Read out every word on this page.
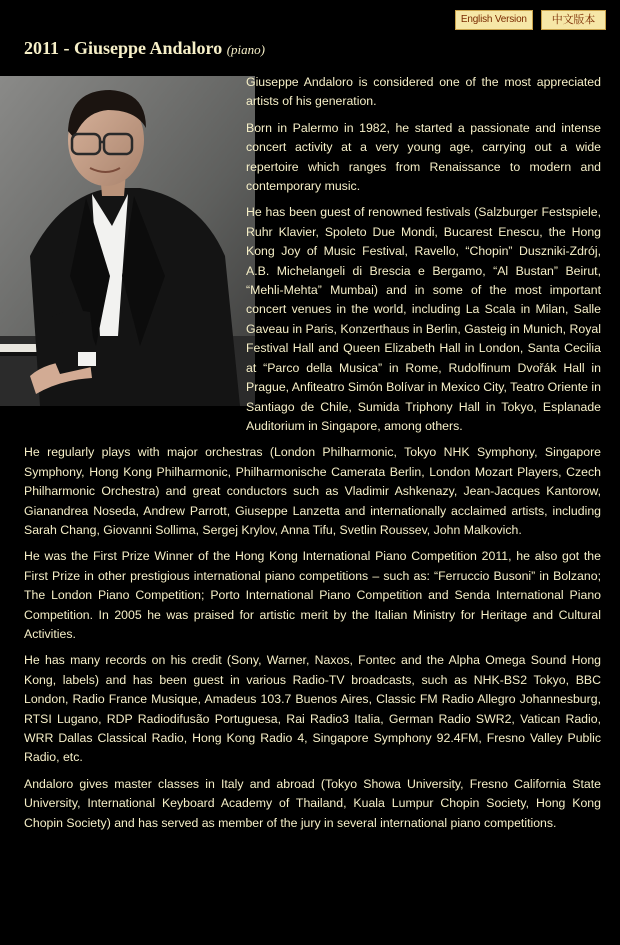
English Version	中文版本
2011 - Giuseppe Andaloro (piano)

Giuseppe Andaloro is considered one of the most appreciated artists of his generation.

Born in Palermo in 1982, he started a passionate and intense concert activity at a very young age, carrying out a wide repertoire which ranges from Renaissance to modern and contemporary music.

He has been guest of renowned festivals (Salzburger Festspiele, Ruhr Klavier, Spoleto Due Mondi, Bucarest Enescu, the Hong Kong Joy of Music Festival, Ravello, “Chopin” Duszniki-Zdrój, A.B. Michelangeli di Brescia e Bergamo, “Al Bustan” Beirut, “Mehli-Mehta” Mumbai) and in some of the most important concert venues in the world, including La Scala in Milan, Salle Gaveau in Paris, Konzerthaus in Berlin, Gasteig in Munich, Royal Festival Hall and Queen Elizabeth Hall in London, Santa Cecilia at “Parco della Musica” in Rome, Rudolfinum Dvořák Hall in Prague, Anfiteatro Simón Bolívar in Mexico City, Teatro Oriente in Santiago de Chile, Sumida Triphony Hall in Tokyo, Esplanade Auditorium in Singapore, among others.

He regularly plays with major orchestras (London Philharmonic, Tokyo NHK Symphony, Singapore Symphony, Hong Kong Philharmonic, Philharmonische Camerata Berlin, London Mozart Players, Czech Philharmonic Orchestra) and great conductors such as Vladimir Ashkenazy, Jean-Jacques Kantorow, Gianandrea Noseda, Andrew Parrott, Giuseppe Lanzetta and internationally acclaimed artists, including Sarah Chang, Giovanni Sollima, Sergej Krylov, Anna Tifu, Svetlin Roussev, John Malkovich.

He was the First Prize Winner of the Hong Kong International Piano Competition 2011, he also got the First Prize in other prestigious international piano competitions – such as: “Ferruccio Busoni” in Bolzano; The London Piano Competition; Porto International Piano Competition and Senda International Piano Competition. In 2005 he was praised for artistic merit by the Italian Ministry for Heritage and Cultural Activities.

He has many records on his credit (Sony, Warner, Naxos, Fontec and the Alpha Omega Sound Hong Kong, labels) and has been guest in various Radio-TV broadcasts, such as NHK-BS2 Tokyo, BBC London, Radio France Musique, Amadeus 103.7 Buenos Aires, Classic FM Radio Allegro Johannesburg, RTSI Lugano, RDP Radiodifusão Portuguesa, Rai Radio3 Italia, German Radio SWR2, Vatican Radio, WRR Dallas Classical Radio, Hong Kong Radio 4, Singapore Symphony 92.4FM, Fresno Valley Public Radio, etc.

Andaloro gives master classes in Italy and abroad (Tokyo Showa University, Fresno California State University, International Keyboard Academy of Thailand, Kuala Lumpur Chopin Society, Hong Kong Chopin Society) and has served as member of the jury in several international piano competitions.
